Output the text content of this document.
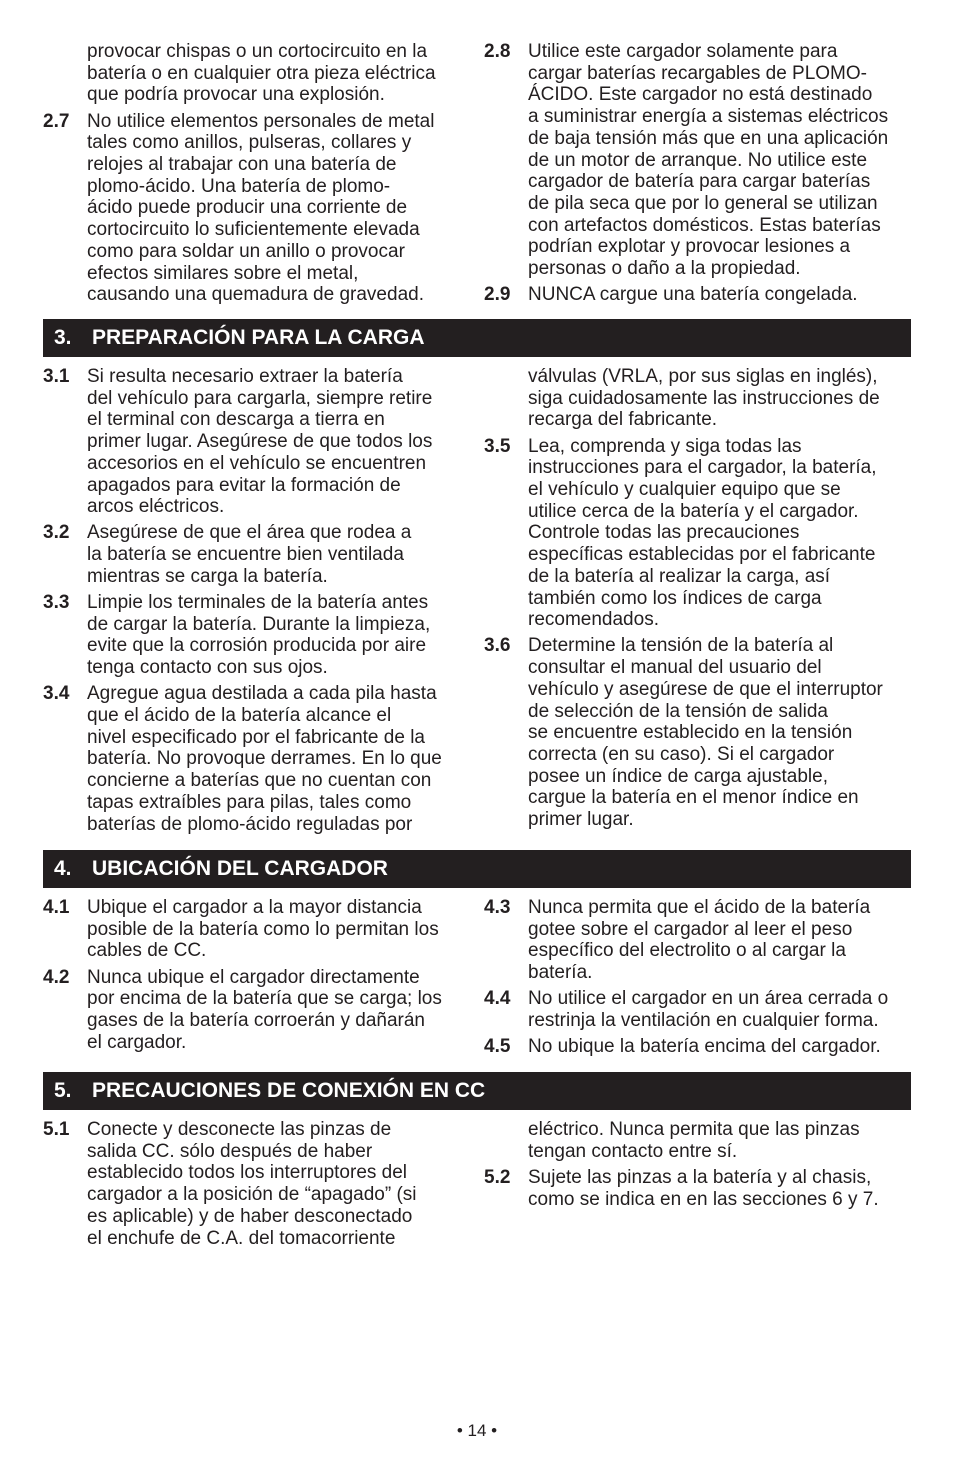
provocar chispas o un cortocircuito en la
batería o en cualquier otra pieza eléctrica
que podría provocar una explosión.
2.7 No utilice elementos personales de metal
tales como anillos, pulseras, collares y
relojes al trabajar con una batería de
plomo-ácido. Una batería de plomo-
ácido puede producir una corriente de
cortocircuito lo suficientemente elevada
como para soldar un anillo o provocar
efectos similares sobre el metal,
causando una quemadura de gravedad.
2.8 Utilice este cargador solamente para
cargar baterías recargables de PLOMO-
ÁCIDO. Este cargador no está destinado
a suministrar energía a sistemas eléctricos
de baja tensión más que en una aplicación
de un motor de arranque. No utilice este
cargador de batería para cargar baterías
de pila seca que por lo general se utilizan
con artefactos domésticos. Estas baterías
podrían explotar y provocar lesiones a
personas o daño a la propiedad.
2.9 NUNCA cargue una batería congelada.
3. PREPARACIÓN PARA LA CARGA
3.1 Si resulta necesario extraer la batería
del vehículo para cargarla, siempre retire
el terminal con descarga a tierra en
primer lugar. Asegúrese de que todos los
accesorios en el vehículo se encuentren
apagados para evitar la formación de
arcos eléctricos.
3.2 Asegúrese de que el área que rodea a
la batería se encuentre bien ventilada
mientras se carga la batería.
3.3 Limpie los terminales de la batería antes
de cargar la batería. Durante la limpieza,
evite que la corrosión producida por aire
tenga contacto con sus ojos.
3.4 Agregue agua destilada a cada pila hasta
que el ácido de la batería alcance el
nivel especificado por el fabricante de la
batería. No provoque derrames. En lo que
concierne a baterías que no cuentan con
tapas extraíbles para pilas, tales como
baterías de plomo-ácido reguladas por
válvulas (VRLA, por sus siglas en inglés),
siga cuidadosamente las instrucciones de
recarga del fabricante.
3.5 Lea, comprenda y siga todas las
instrucciones para el cargador, la batería,
el vehículo y cualquier equipo que se
utilice cerca de la batería y el cargador.
Controle todas las precauciones
específicas establecidas por el fabricante
de la batería al realizar la carga, así
también como los índices de carga
recomendados.
3.6 Determine la tensión de la batería al
consultar el manual del usuario del
vehículo y asegúrese de que el interruptor
de selección de la tensión de salida
se encuentre establecido en la tensión
correcta (en su caso). Si el cargador
posee un índice de carga ajustable,
cargue la batería en el menor índice en
primer lugar.
4. UBICACIÓN DEL CARGADOR
4.1 Ubique el cargador a la mayor distancia
posible de la batería como lo permitan los
cables de CC.
4.2 Nunca ubique el cargador directamente
por encima de la batería que se carga; los
gases de la batería corroerán y dañarán
el cargador.
4.3 Nunca permita que el ácido de la batería
gotee sobre el cargador al leer el peso
específico del electrolito o al cargar la
batería.
4.4 No utilice el cargador en un área cerrada o
restrinja la ventilación en cualquier forma.
4.5 No ubique la batería encima del cargador.
5. PRECAUCIONES DE CONEXIÓN EN CC
5.1 Conecte y desconecte las pinzas de
salida CC. sólo después de haber
establecido todos los interruptores del
cargador a la posición de “apagado” (si
es aplicable) y de haber desconectado
el enchufe de C.A. del tomacorriente
eléctrico. Nunca permita que las pinzas
tengan contacto entre sí.
5.2 Sujete las pinzas a la batería y al chasis,
como se indica en en las secciones 6 y 7.
• 14 •
